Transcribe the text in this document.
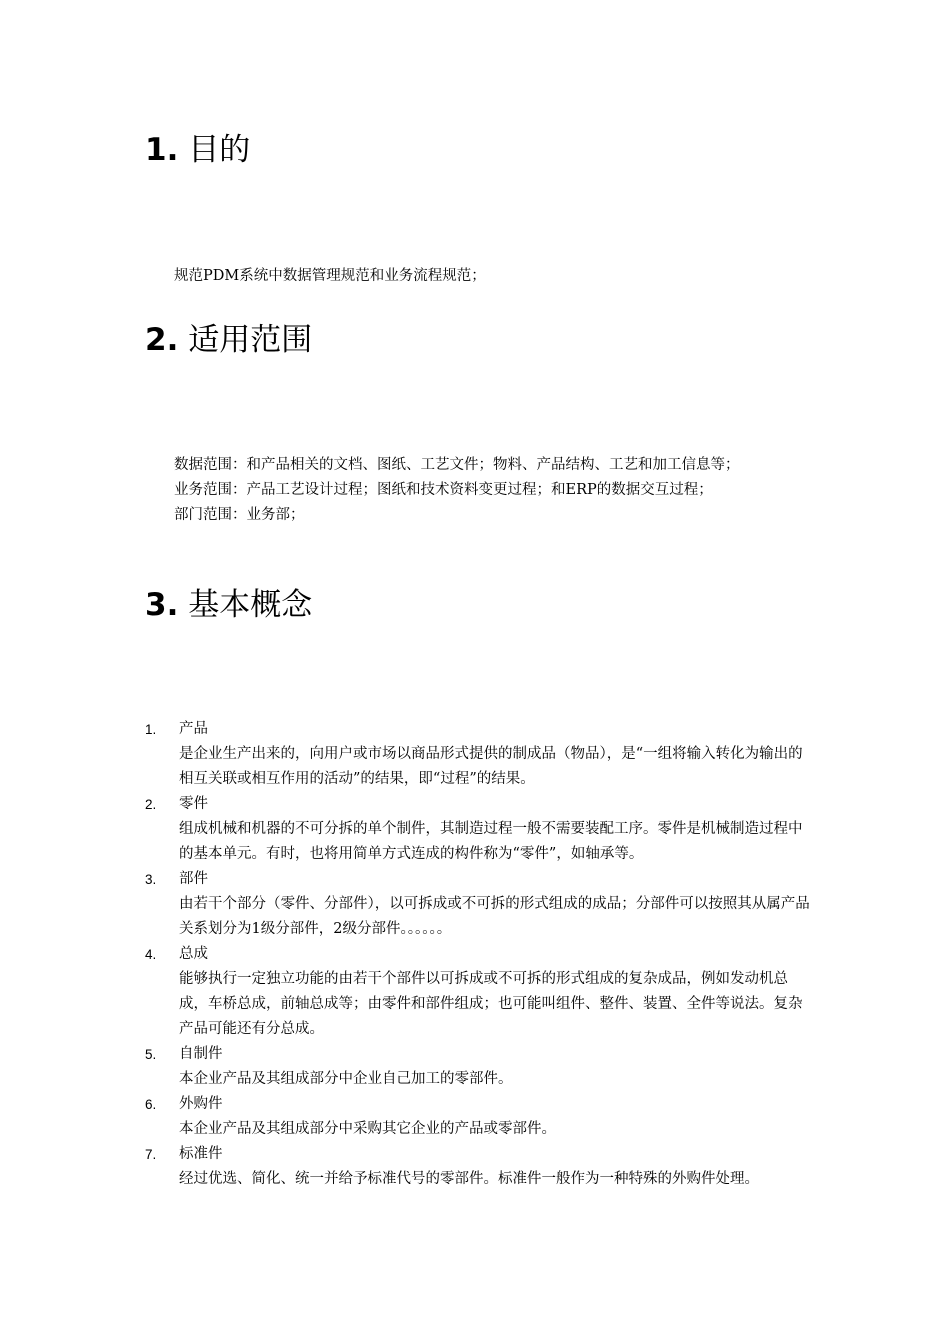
1. 目的

规范PDM系统中数据管理规范和业务流程规范；

2. 适用范围

数据范围：和产品相关的文档、图纸、工艺文件；物料、产品结构、工艺和加工信息等；

业务范围：产品工艺设计过程；图纸和技术资料变更过程；和ERP的数据交互过程；

部门范围：业务部；

3. 基本概念
1. 产品
是企业生产出来的，向用户或市场以商品形式提供的制成品（物品），是“一组将输入转化为输出的相互关联或相互作用的活动”的结果，即“过程”的结果。
2. 零件
组成机械和机器的不可分拆的单个制件，其制造过程一般不需要装配工序。零件是机械制造过程中的基本单元。有时，也将用简单方式连成的构件称为“零件”，如轴承等。
3. 部件
由若干个部分（零件、分部件），以可拆成或不可拆的形式组成的成品；分部件可以按照其从属产品关系划分为1级分部件，2级分部件。。。。。。
4. 总成
能够执行一定独立功能的由若干个部件以可拆成或不可拆的形式组成的复杂成品，例如发动机总成，车桥总成，前轴总成等；由零件和部件组成；也可能叫组件、整件、装置、全件等说法。复杂产品可能还有分总成。
5. 自制件
本企业产品及其组成部分中企业自己加工的零部件。
6. 外购件
本企业产品及其组成部分中采购其它企业的产品或零部件。
7. 标准件
经过优选、简化、统一并给予标准代号的零部件。标准件一般作为一种特殊的外购件处理。
